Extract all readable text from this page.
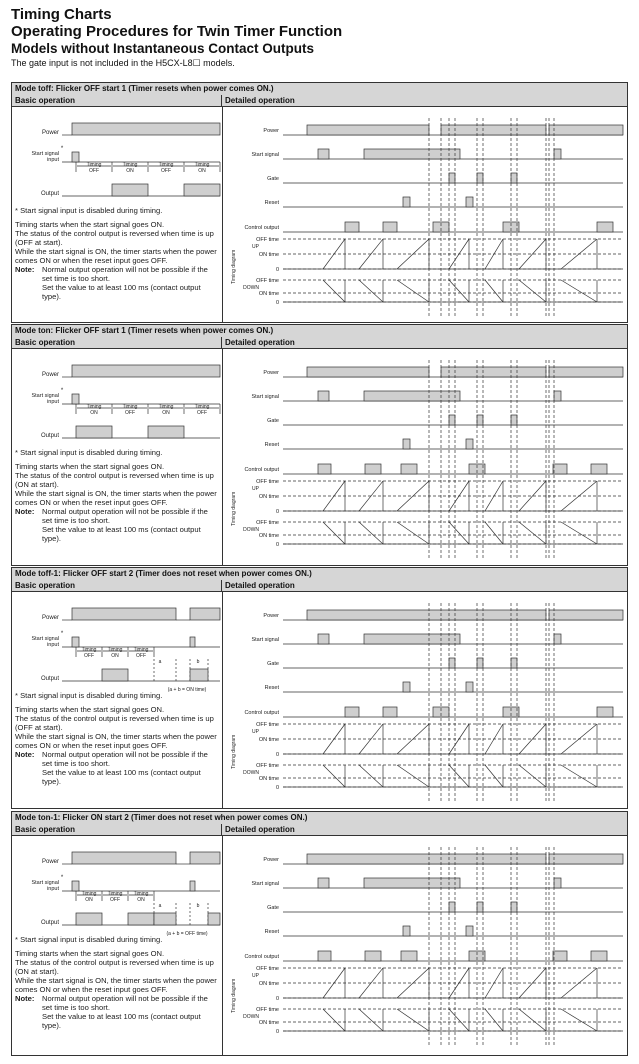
Timing Charts
Operating Procedures for Twin Timer Function
Models without Instantaneous Contact Outputs
The gate input is not included in the H5CX-L8☐ models.
Mode toff: Flicker OFF start 1 (Timer resets when power comes ON.)
Basic operation	Detailed operation
Power
Start signal
input
*
Timing
OFF
Timing
ON
Timing
OFF
Timing
ON
Output

* Start signal input is disabled during timing.

Timing starts when the start signal goes ON.

The status of the control output is reversed when time is up (OFF at start).

While the start signal is ON, the timer starts when the power comes ON or when the reset input goes OFF.

Note: Normal output operation will not be possible if the set time is too short.
Set the value to at least 100 ms (contact output type).
Power
Start signal
Gate
Reset
Control output
Timing diagram
OFF time
ON time
0
OFF time
ON time
0
UP
DOWN
Mode ton: Flicker OFF start 1 (Timer resets when power comes ON.)
Basic operation	Detailed operation
Power
Start signal
input
*
Timing
ON
Timing
OFF
Timing
ON
Timing
OFF
Output

* Start signal input is disabled during timing.

Timing starts when the start signal goes ON.

The status of the control output is reversed when time is up (ON at start).

While the start signal is ON, the timer starts when the power comes ON or when the reset input goes OFF.

Note: Normal output operation will not be possible if the set time is too short.
Set the value to at least 100 ms (contact output type).
Power
Start signal
Gate
Reset
Control output
Timing diagram
OFF time
ON time
0
OFF time
ON time
0
UP
DOWN
Mode toff-1: Flicker OFF start 2 (Timer does not reset when power comes ON.)
Basic operation	Detailed operation
Power
Start signal
input
*
Timing
OFF
Timing
ON
Timing
OFF
Output
a	b
(a + b = ON time)

* Start signal input is disabled during timing.

Timing starts when the start signal goes ON.

The status of the control output is reversed when time is up (OFF at start).

While the start signal is ON, the timer starts when the power comes ON or when the reset input goes OFF.

Note: Normal output operation will not be possible if the set time is too short.
Set the value to at least 100 ms (contact output type).
Power
Start signal
Gate
Reset
Control output
Timing diagram
OFF time
ON time
0
OFF time
ON time
0
UP
DOWN
Mode ton-1: Flicker ON start 2 (Timer does not reset when power comes ON.)
Basic operation	Detailed operation
Power
Start signal
input
*
Timing
ON
Timing
OFF
Timing
ON
Output
a	b
(a + b = OFF time)

* Start signal input is disabled during timing.

Timing starts when the start signal goes ON.

The status of the control output is reversed when time is up (ON at start).

While the start signal is ON, the timer starts when the power comes ON or when the reset input goes OFF.

Note: Normal output operation will not be possible if the set time is too short.
Set the value to at least 100 ms (contact output type).
Power
Start signal
Gate
Reset
Control output
Timing diagram
OFF time
ON time
0
OFF time
ON time
0
UP
DOWN
